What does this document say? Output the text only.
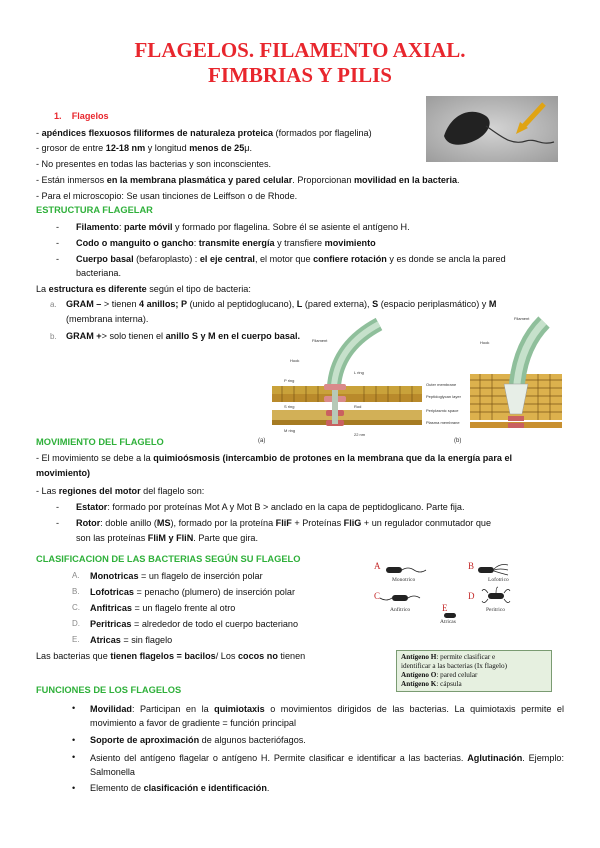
FLAGELOS. FILAMENTO AXIAL.
FIMBRIAS Y PILIS
1. Flagelos
- apéndices flexuosos filiformes de naturaleza proteica (formados por flagelina)
- grosor de entre 12-18 nm y longitud menos de 25μ.
- No presentes en todas las bacterias y son inconscientes.
- Están inmersos en la membrana plasmática y pared celular. Proporcionan movilidad en la bacteria.
- Para el microscopio: Se usan tinciones de Leiffson o de Rhode.
ESTRUCTURA FLAGELAR
- Filamento: parte móvil y formado por flagelina. Sobre él se asiente el antígeno H.
- Codo o manguito o gancho: transmite energía y transfiere movimiento
- Cuerpo basal (befaroplasto) : el eje central, el motor que confiere rotación y es donde se ancla la pared
bacteriana.
La estructura es diferente según el tipo de bacteria:
a. GRAM – > tienen 4 anillos; P (unido al peptidoglucano), L (pared externa), S (espacio periplasmático) y M
(membrana interna).
b. GRAM +> solo tienen el anillo S y M en el cuerpo basal.
(a)
Filament
Hook
L ring
P ring
S ring
M ring
Rod
22 nm
Outer membrane
Peptidoglycan layer
Periplasmic space
Plasma membrane
(b)
Filament
Hook
MOVIMIENTO DEL FLAGELO
- El movimiento se debe a la quimioósmosis (intercambio de protones en la membrana que da la energía para el
movimiento)
- Las regiones del motor del flagelo son:
- Estator: formado por proteínas Mot A y Mot B > anclado en la capa de peptidoglicano. Parte fija.
- Rotor: doble anillo (MS), formado por la proteína FliF + Proteínas FliG + un regulador conmutador que
son las proteínas FliM y FliN. Parte que gira.
CLASIFICACION DE LAS BACTERIAS SEGÚN SU FLAGELO
A. Monotricas = un flagelo de inserción polar
B. Lofotricas = penacho (plumero) de inserción polar
C. Anfitricas = un flagelo frente al otro
D. Peritricas = alrededor de todo el cuerpo bacteriano
E. Atricas = sin flagelo
Las bacterias que tienen flagelos = bacilos/ Los cocos no tienen
A	B
C	D
E
Monotrico	Lofotrico
Anfitrico	Peritrico
Atricas
Antígeno H: permite clasificar e
identificar a las bacterias (Ix flagelo)
Antígeno O: pared celular
Antígeno K: cápsula
FUNCIONES DE LOS FLAGELOS
• Movilidad: Participan en la quimiotaxis o movimientos dirigidos de las bacterias. La quimiotaxis permite el movimiento a favor de gradiente = función principal
• Soporte de aproximación de algunos bacteriófagos.
• Asiento del antígeno flagelar o antígeno H. Permite clasificar e identificar a las bacterias. Aglutinación. Ejemplo: Salmonella
• Elemento de clasificación e identificación.
